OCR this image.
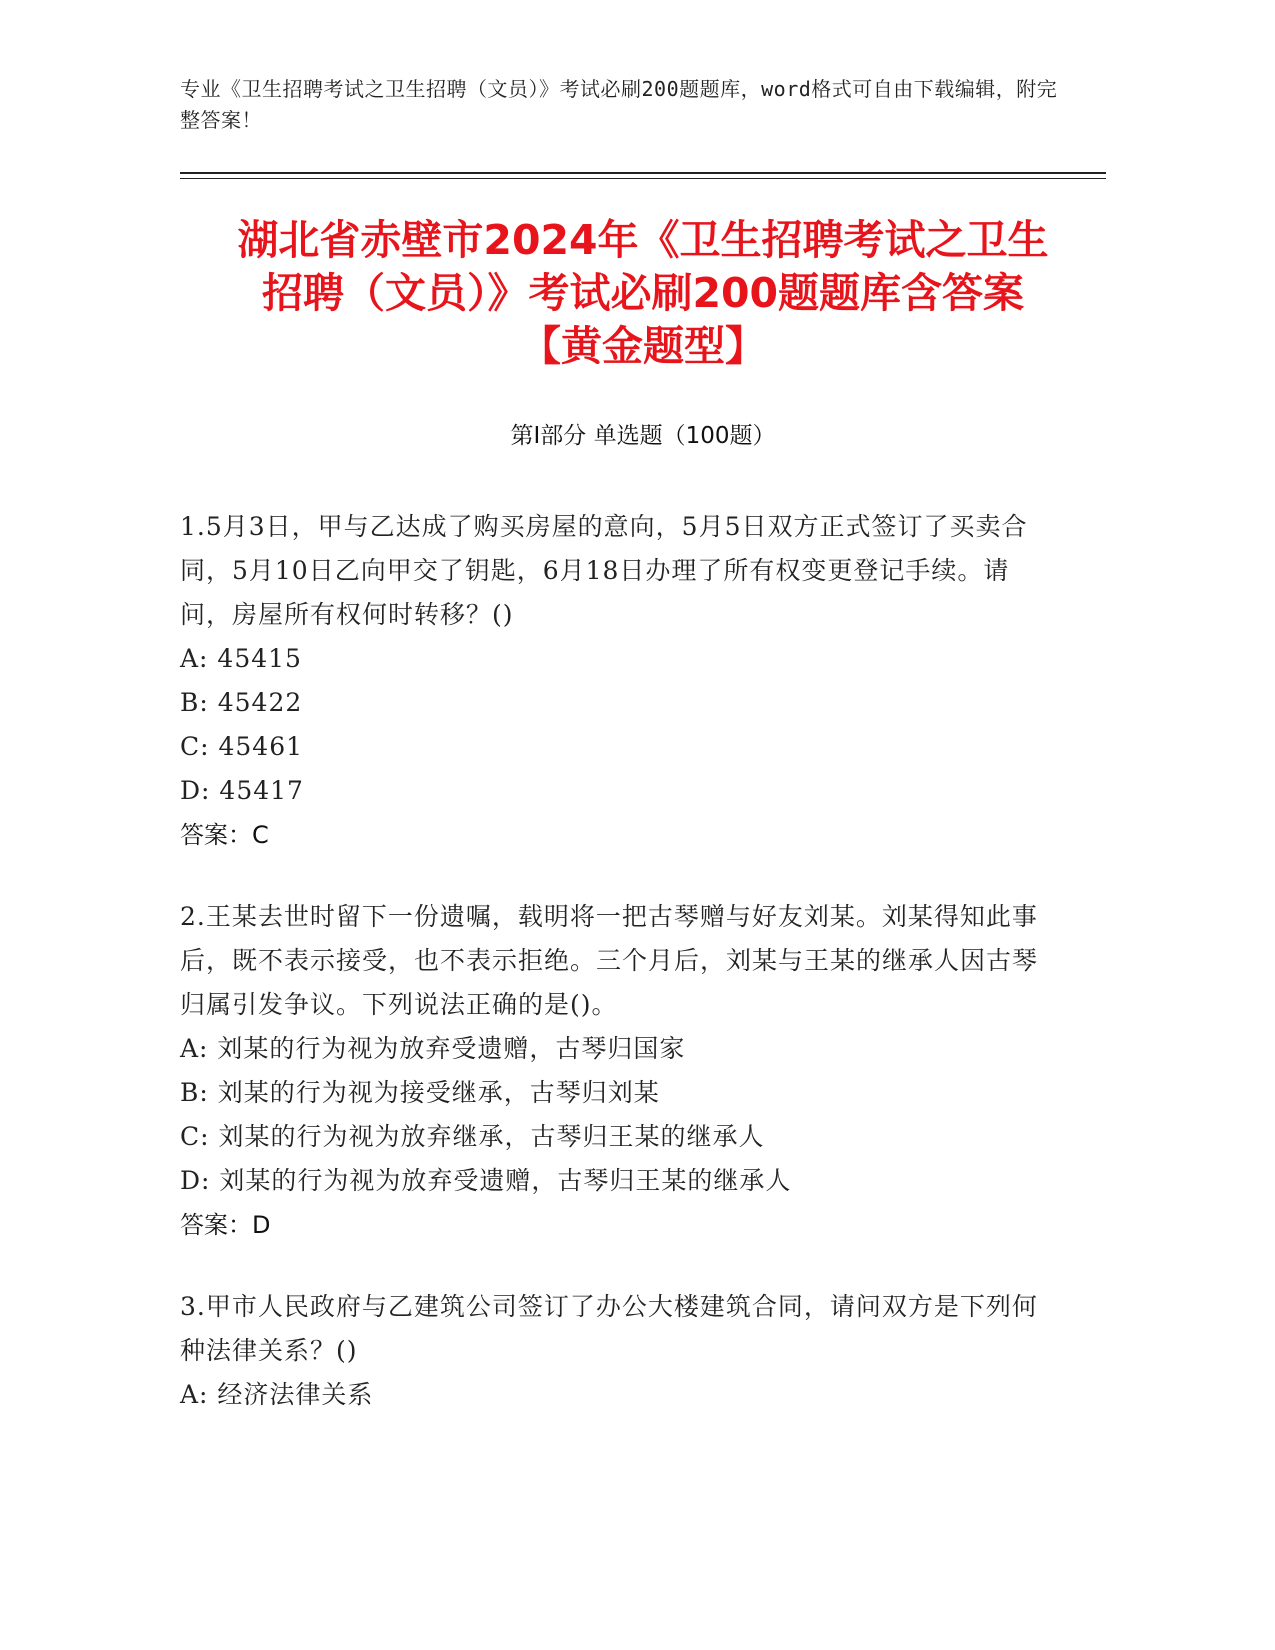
专业《卫生招聘考试之卫生招聘（文员）》考试必刷200题题库，word格式可自由下载编辑，附完整答案！
湖北省赤壁市2024年《卫生招聘考试之卫生
招聘（文员）》考试必刷200题题库含答案
【黄金题型】
第Ⅰ部分 单选题（100题）
1.5月3日，甲与乙达成了购买房屋的意向，5月5日双方正式签订了买卖合同，5月10日乙向甲交了钥匙，6月18日办理了所有权变更登记手续。请问，房屋所有权何时转移？()
A: 45415
B: 45422
C: 45461
D: 45417
答案：C
2.王某去世时留下一份遗嘱，载明将一把古琴赠与好友刘某。刘某得知此事后，既不表示接受，也不表示拒绝。三个月后，刘某与王某的继承人因古琴归属引发争议。下列说法正确的是()。
A: 刘某的行为视为放弃受遗赠，古琴归国家
B: 刘某的行为视为接受继承，古琴归刘某
C: 刘某的行为视为放弃继承，古琴归王某的继承人
D: 刘某的行为视为放弃受遗赠，古琴归王某的继承人
答案：D
3.甲市人民政府与乙建筑公司签订了办公大楼建筑合同，请问双方是下列何种法律关系？()
A: 经济法律关系
